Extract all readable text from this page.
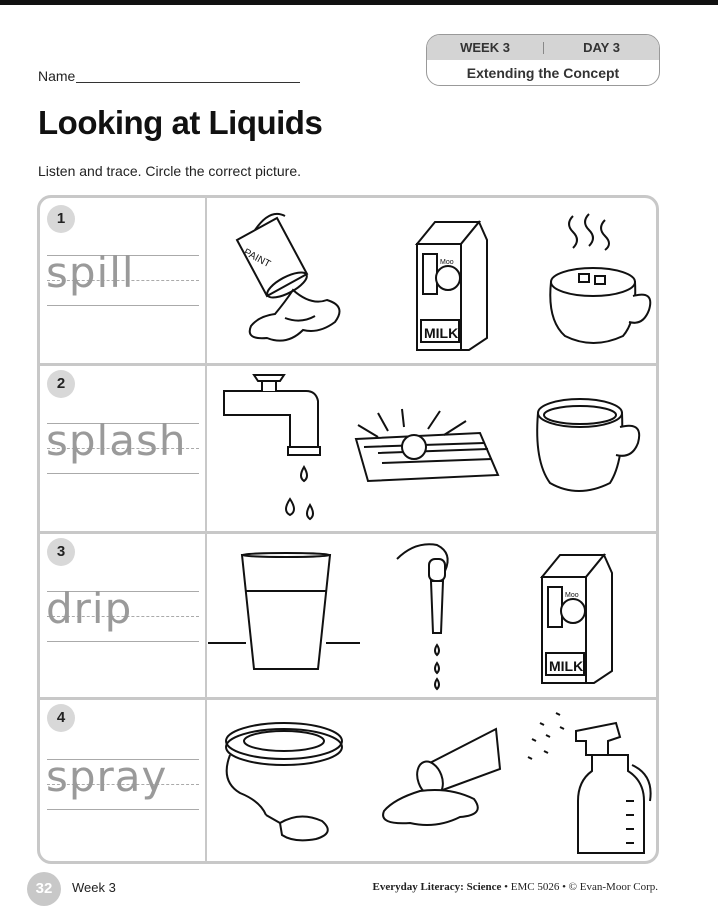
Name
WEEK 3	DAY 3
Extending the Concept
Looking at Liquids
Listen and trace. Circle the correct picture.
1
spill	PAINT	Moo
MILK
2
splash
3
drip	Moo
MILK
4
spray
32	Week 3	Everyday Literacy: Science • EMC 5026 • © Evan-Moor Corp.
